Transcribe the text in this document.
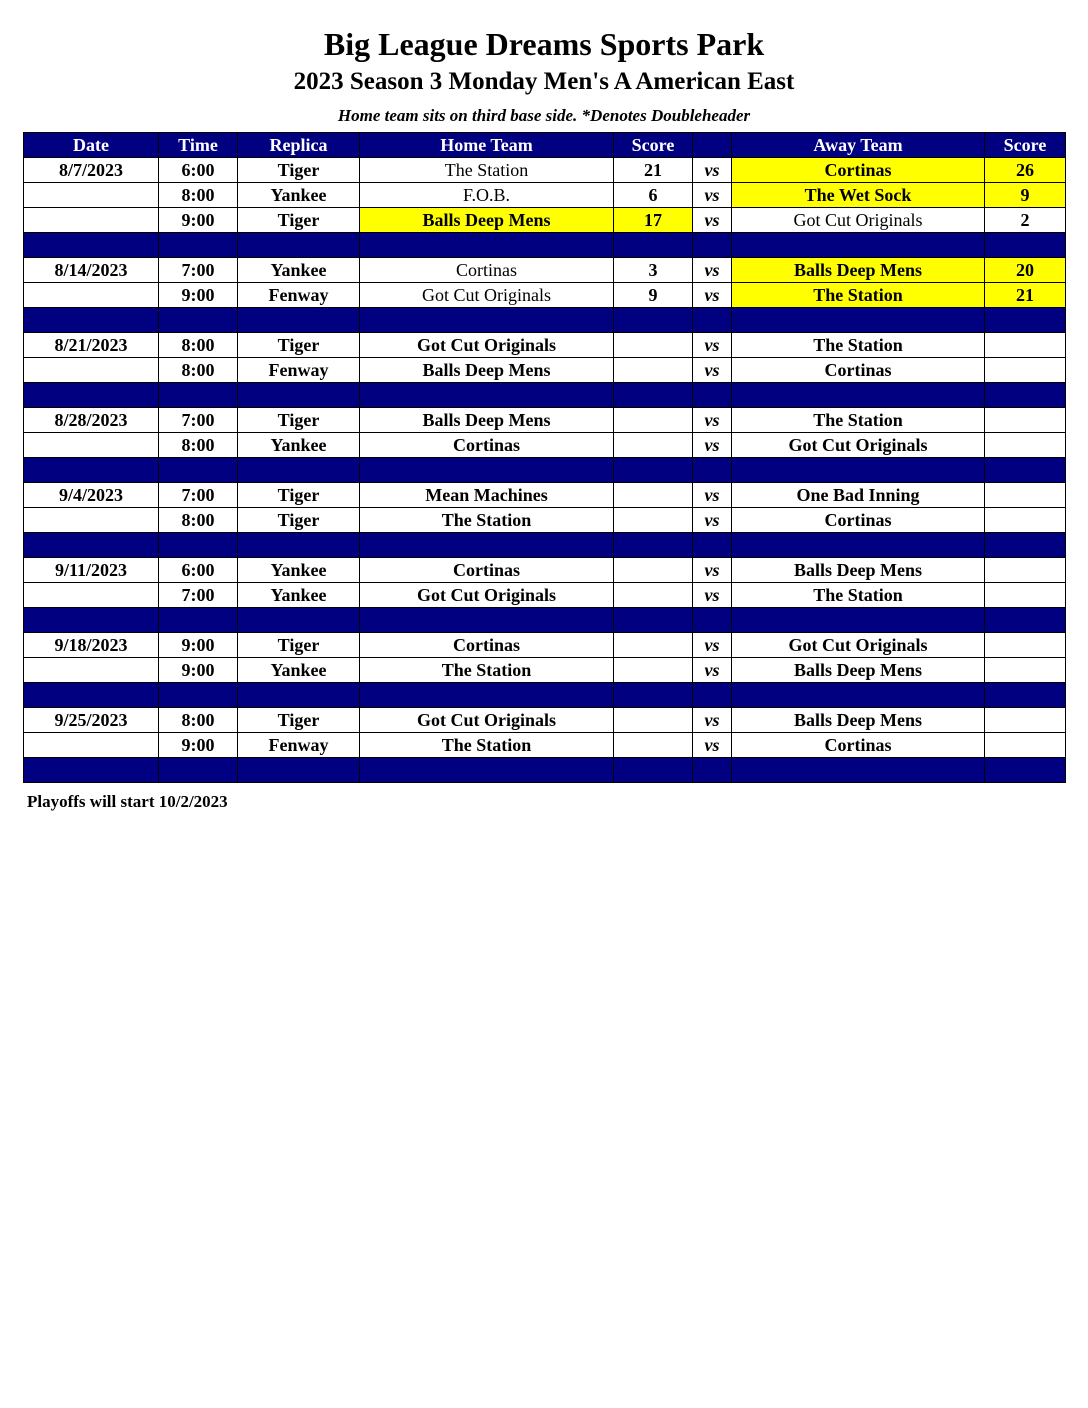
Big League Dreams Sports Park
2023 Season 3 Monday Men's A American East
Home team sits on third base side. *Denotes Doubleheader
Date	Time	Replica	Home Team	Score		Away Team	Score
8/7/2023	6:00	Tiger	The Station	21	vs	Cortinas	26
	8:00	Yankee	F.O.B.	6	vs	The Wet Sock	9
	9:00	Tiger	Balls Deep Mens	17	vs	Got Cut Originals	2

8/14/2023	7:00	Yankee	Cortinas	3	vs	Balls Deep Mens	20
	9:00	Fenway	Got Cut Originals	9	vs	The Station	21

8/21/2023	8:00	Tiger	Got Cut Originals		vs	The Station	
	8:00	Fenway	Balls Deep Mens		vs	Cortinas	

8/28/2023	7:00	Tiger	Balls Deep Mens		vs	The Station	
	8:00	Yankee	Cortinas		vs	Got Cut Originals	

9/4/2023	7:00	Tiger	Mean Machines		vs	One Bad Inning	
	8:00	Tiger	The Station		vs	Cortinas	

9/11/2023	6:00	Yankee	Cortinas		vs	Balls Deep Mens	
	7:00	Yankee	Got Cut Originals		vs	The Station	

9/18/2023	9:00	Tiger	Cortinas		vs	Got Cut Originals	
	9:00	Yankee	The Station		vs	Balls Deep Mens	

9/25/2023	8:00	Tiger	Got Cut Originals		vs	Balls Deep Mens	
	9:00	Fenway	The Station		vs	Cortinas	

Playoffs will start 10/2/2023
